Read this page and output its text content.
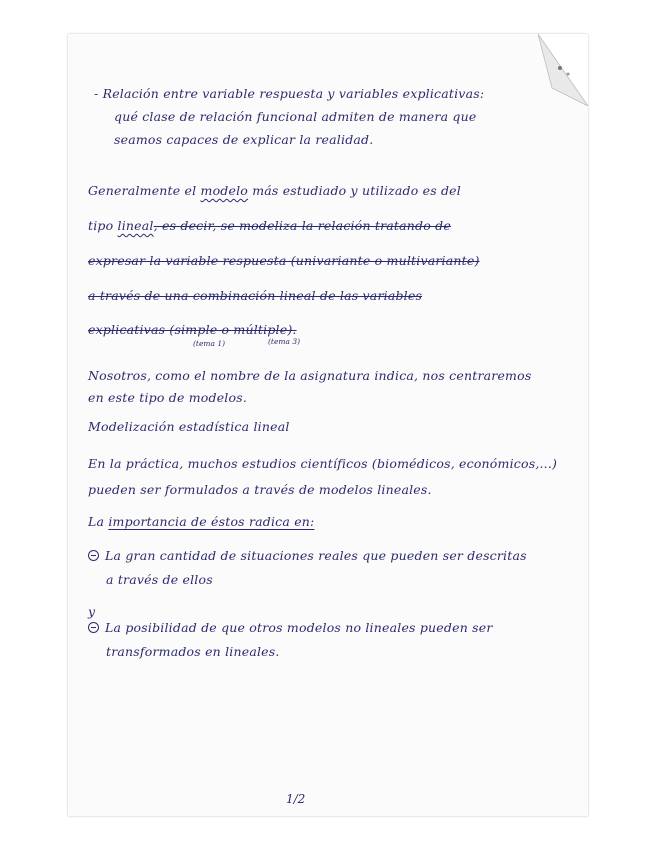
- Relación entre variable respuesta y variables explicativas:
qué clase de relación funcional admiten de manera que
seamos capaces de explicar la realidad.
Generalmente el modelo más estudiado y utilizado es del
tipo lineal, es decir, se modeliza la relación tratando de
expresar la variable respuesta (univariante o multivariante)
a través de una combinación lineal de las variables
explicativas (simple o múltiple).
(tema 1)	(tema 3)
Nosotros, como el nombre de la asignatura indica, nos centraremos
en este tipo de modelos.
Modelización estadística lineal
En la práctica, muchos estudios científicos (biomédicos, económicos,...)
pueden ser formulados a través de modelos lineales.
La importancia de éstos radica en:
La gran cantidad de situaciones reales que pueden ser descritas
a través de ellos
y
La posibilidad de que otros modelos no lineales pueden ser
transformados en lineales.
1/2
